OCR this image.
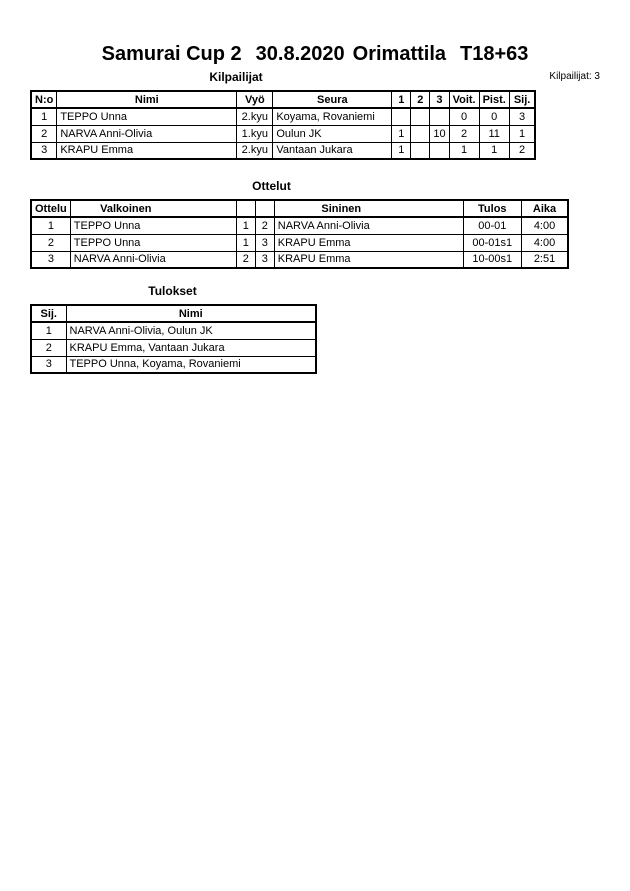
Samurai Cup 2 30.8.2020 Orimattila T18+63
Kilpailijat	Kilpailijat: 3
N:o	Nimi	Vyö	Seura	1	2	3	Voit.	Pist.	Sij.
1	TEPPO Unna	2.kyu	Koyama, Rovaniemi				0	0	3
2	NARVA Anni-Olivia	1.kyu	Oulun JK	1		10	2	11	1
3	KRAPU Emma	2.kyu	Vantaan Jukara	1			1	1	2
Ottelut
Ottelu	Valkoinen			Sininen	Tulos	Aika
1	TEPPO Unna	1	2	NARVA Anni-Olivia	00-01	4:00
2	TEPPO Unna	1	3	KRAPU Emma	00-01s1	4:00
3	NARVA Anni-Olivia	2	3	KRAPU Emma	10-00s1	2:51
Tulokset
Sij.	Nimi
1	NARVA Anni-Olivia, Oulun JK
2	KRAPU Emma, Vantaan Jukara
3	TEPPO Unna, Koyama, Rovaniemi
